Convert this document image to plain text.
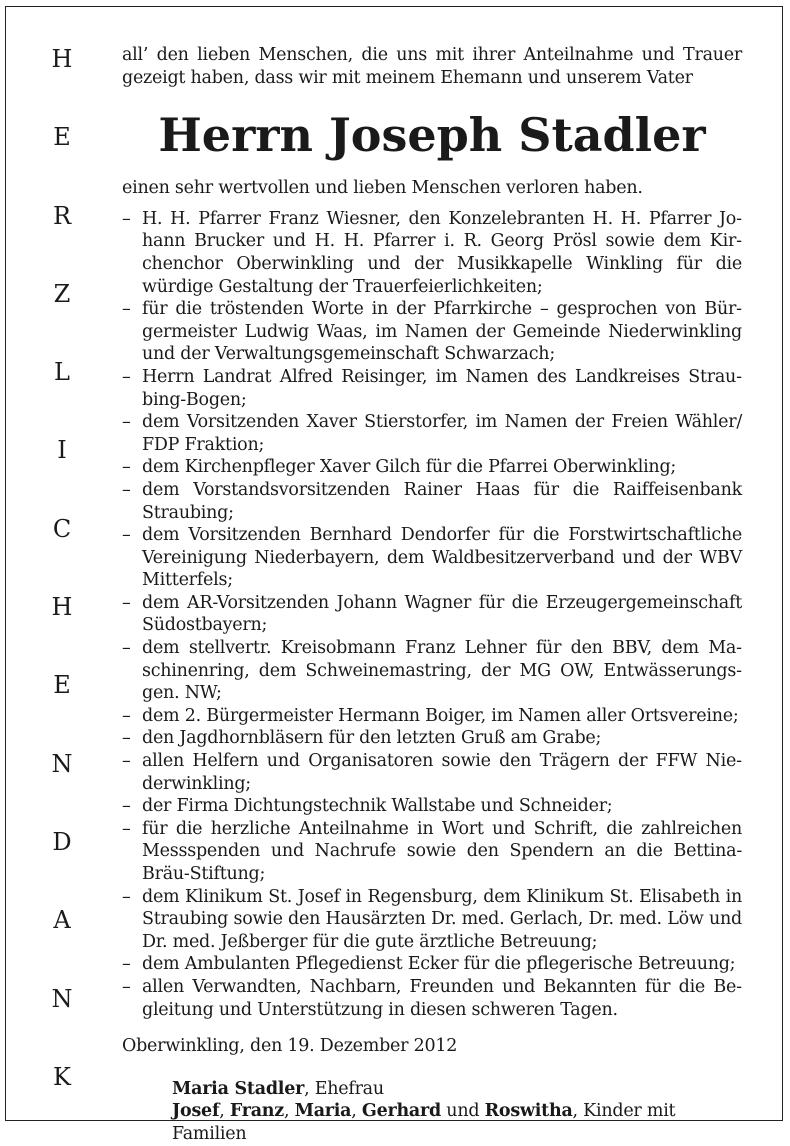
H
E
R
Z
L
I
C
H
E
N
D
A
N
K

all’ den lieben Menschen, die uns mit ihrer Anteilnahme und Trauer gezeigt haben, dass wir mit meinem Ehemann und unserem Vater

Herrn Joseph Stadler

einen sehr wertvollen und lieben Menschen verloren haben.

– H. H. Pfarrer Franz Wiesner, den Konzelebranten H. H. Pfarrer Johann Brucker und H. H. Pfarrer i. R. Georg Prösl sowie dem Kirchenchor Oberwinkling und der Musikkapelle Winkling für die würdige Gestaltung der Trauerfeierlichkeiten;
– für die tröstenden Worte in der Pfarrkirche – gesprochen von Bürgermeister Ludwig Waas, im Namen der Gemeinde Niederwinkling und der Verwaltungsgemeinschaft Schwarzach;
– Herrn Landrat Alfred Reisinger, im Namen des Landkreises Straubing-Bogen;
– dem Vorsitzenden Xaver Stierstorfer, im Namen der Freien Wähler/ FDP Fraktion;
– dem Kirchenpfleger Xaver Gilch für die Pfarrei Oberwinkling;
– dem Vorstandsvorsitzenden Rainer Haas für die Raiffeisenbank Straubing;
– dem Vorsitzenden Bernhard Dendorfer für die Forstwirtschaftliche Vereinigung Niederbayern, dem Waldbesitzerverband und der WBV Mitterfels;
– dem AR-Vorsitzenden Johann Wagner für die Erzeugergemeinschaft Südostbayern;
– dem stellvertr. Kreisobmann Franz Lehner für den BBV, dem Maschinenring, dem Schweinemastring, der MG OW, Entwässerungsgen. NW;
– dem 2. Bürgermeister Hermann Boiger, im Namen aller Ortsvereine;
– den Jagdhornbläsern für den letzten Gruß am Grabe;
– allen Helfern und Organisatoren sowie den Trägern der FFW Niederwinkling;
– der Firma Dichtungstechnik Wallstabe und Schneider;
– für die herzliche Anteilnahme in Wort und Schrift, die zahlreichen Messspenden und Nachrufe sowie den Spendern an die Bettina-Bräu-Stiftung;
– dem Klinikum St. Josef in Regensburg, dem Klinikum St. Elisabeth in Straubing sowie den Hausärzten Dr. med. Gerlach, Dr. med. Löw und Dr. med. Jeßberger für die gute ärztliche Betreuung;
– dem Ambulanten Pflegedienst Ecker für die pflegerische Betreuung;
– allen Verwandten, Nachbarn, Freunden und Bekannten für die Begleitung und Unterstützung in diesen schweren Tagen.

Oberwinkling, den 19. Dezember 2012

Maria Stadler, Ehefrau
Josef, Franz, Maria, Gerhard und Roswitha, Kinder mit Familien
